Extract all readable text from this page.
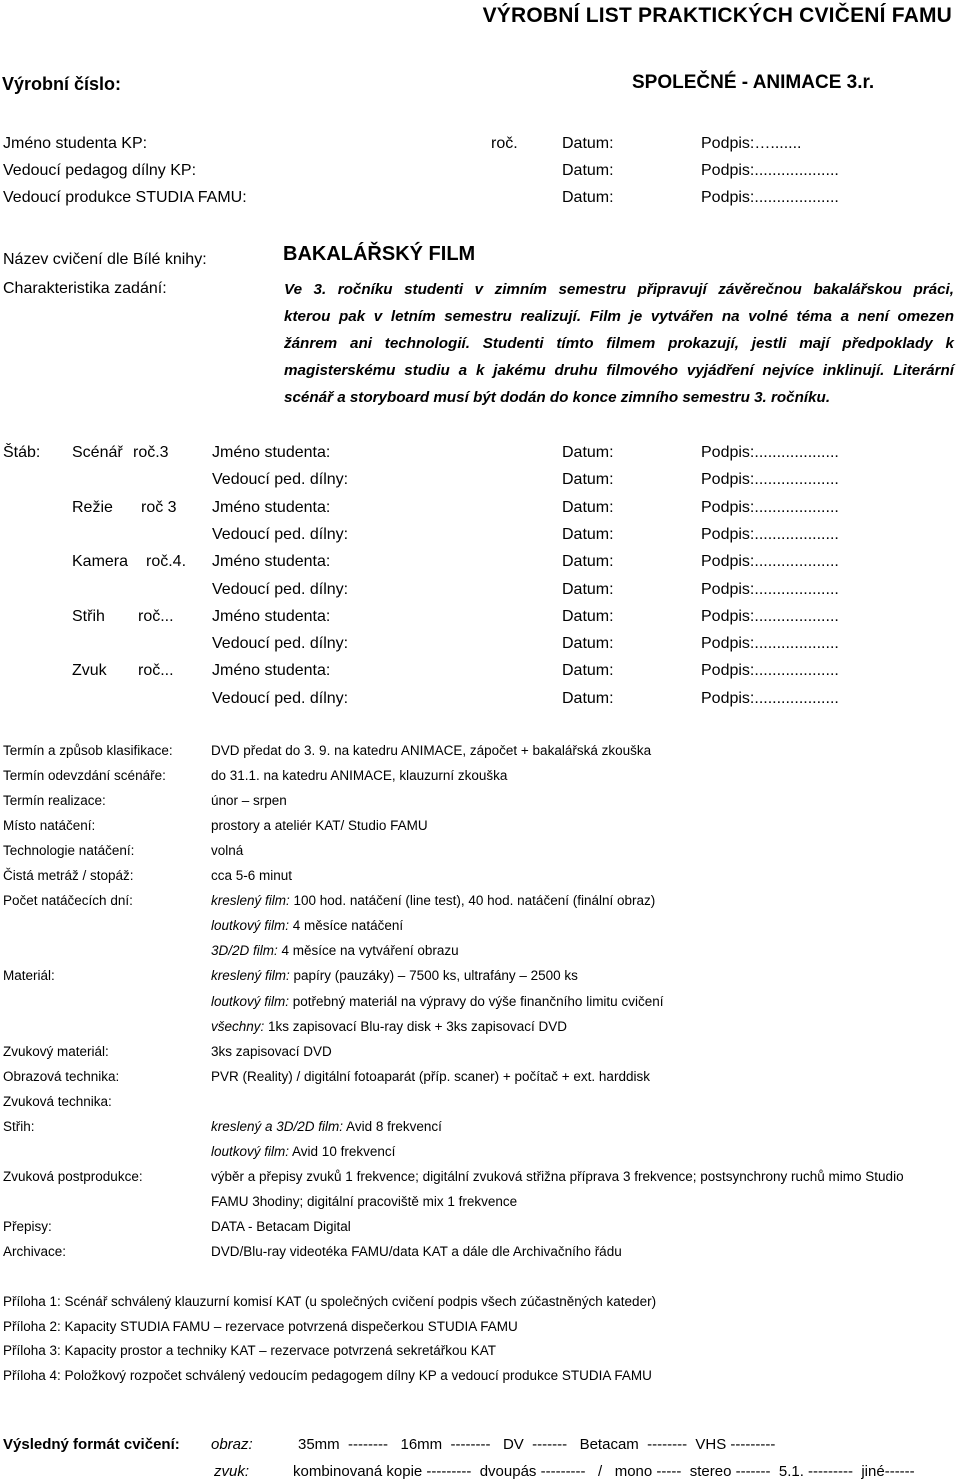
VÝROBNÍ LIST PRAKTICKÝCH CVIČENÍ FAMU
Výrobní číslo:	SPOLEČNÉ - ANIMACE 3.r.
Jméno studenta KP:	roč.	Datum:	Podpis:….......
Vedoucí pedagog dílny KP:	Datum:	Podpis:...................
Vedoucí produkce STUDIA FAMU:	Datum:	Podpis:...................
Název cvičení dle Bílé knihy:	BAKALÁŘSKÝ FILM
Charakteristika zadání:	Ve 3. ročníku studenti v zimním semestru připravují závěrečnou bakalářskou práci,
kterou pak v letním semestru realizují. Film je vytvářen na volné téma a není omezen
žánrem ani technologií. Studenti tímto filmem prokazují, jestli mají předpoklady k
magisterskému studiu a k jakému druhu filmového vyjádření nejvíce inklinují. Literární
scénář a storyboard musí být dodán do konce zimního semestru 3. ročníku.
Štáb: Scénář roč.3	Jméno studenta:	Datum:	Podpis:...................
Vedoucí ped. dílny:	Datum:	Podpis:...................
Režie roč 3 Jméno studenta:	Datum:	Podpis:...................
Vedoucí ped. dílny:	Datum:	Podpis:...................
Kamera roč.4. Jméno studenta:	Datum:	Podpis:...................
Vedoucí ped. dílny:	Datum:	Podpis:...................
Střih roč... Jméno studenta:	Datum:	Podpis:...................
Vedoucí ped. dílny:	Datum:	Podpis:...................
Zvuk roč... Jméno studenta:	Datum:	Podpis:...................
Vedoucí ped. dílny:	Datum:	Podpis:...................
Termín a způsob klasifikace:	DVD předat do 3. 9. na katedru ANIMACE, zápočet + bakalářská zkouška
Termín odevzdání scénáře:	do 31.1. na katedru ANIMACE, klauzurní zkouška
Termín realizace:	únor – srpen
Místo natáčení:	prostory a ateliér KAT/ Studio FAMU
Technologie natáčení:	volná
Čistá metráž / stopáž:	cca 5-6 minut
Počet natáčecích dní:	kreslený film: 100 hod. natáčení (line test), 40 hod. natáčení (finální obraz)
loutkový film: 4 měsíce natáčení
3D/2D film: 4 měsíce na vytváření obrazu
Materiál:	kreslený film: papíry (pauzáky) – 7500 ks, ultrafány – 2500 ks
loutkový film: potřebný materiál na výpravy do výše finančního limitu cvičení
všechny: 1ks zapisovací Blu-ray disk + 3ks zapisovací DVD
Zvukový materiál:	3ks zapisovací DVD
Obrazová technika:	PVR (Reality) / digitální fotoaparát (příp. scaner) + počítač + ext. harddisk
Zvuková technika:
Střih:	kreslený a 3D/2D film: Avid 8 frekvencí
loutkový film: Avid 10 frekvencí
Zvuková postprodukce:	výběr a přepisy zvuků 1 frekvence; digitální zvuková střižna příprava 3 frekvence; postsynchrony ruchů mimo Studio
FAMU 3hodiny; digitální pracoviště mix 1 frekvence
Přepisy:	DATA - Betacam Digital
Archivace:	DVD/Blu-ray videotéka FAMU/data KAT a dále dle Archivačního řádu
Příloha 1: Scénář schválený klauzurní komisí KAT (u společných cvičení podpis všech zúčastněných kateder)
Příloha 2: Kapacity STUDIA FAMU – rezervace potvrzená dispečerkou STUDIA FAMU
Příloha 3: Kapacity prostor a techniky KAT – rezervace potvrzená sekretářkou KAT
Příloha 4: Položkový rozpočet schválený vedoucím pedagogem dílny KP a vedoucí produkce STUDIA FAMU
Výsledný formát cvičení: obraz:	35mm  --------   16mm  --------   DV  -------   Betacam  --------  VHS ---------
zvuk:	kombinovaná kopie ---------  dvoupás ---------   /   mono -----  stereo -------  5.1. ---------  jiné------
